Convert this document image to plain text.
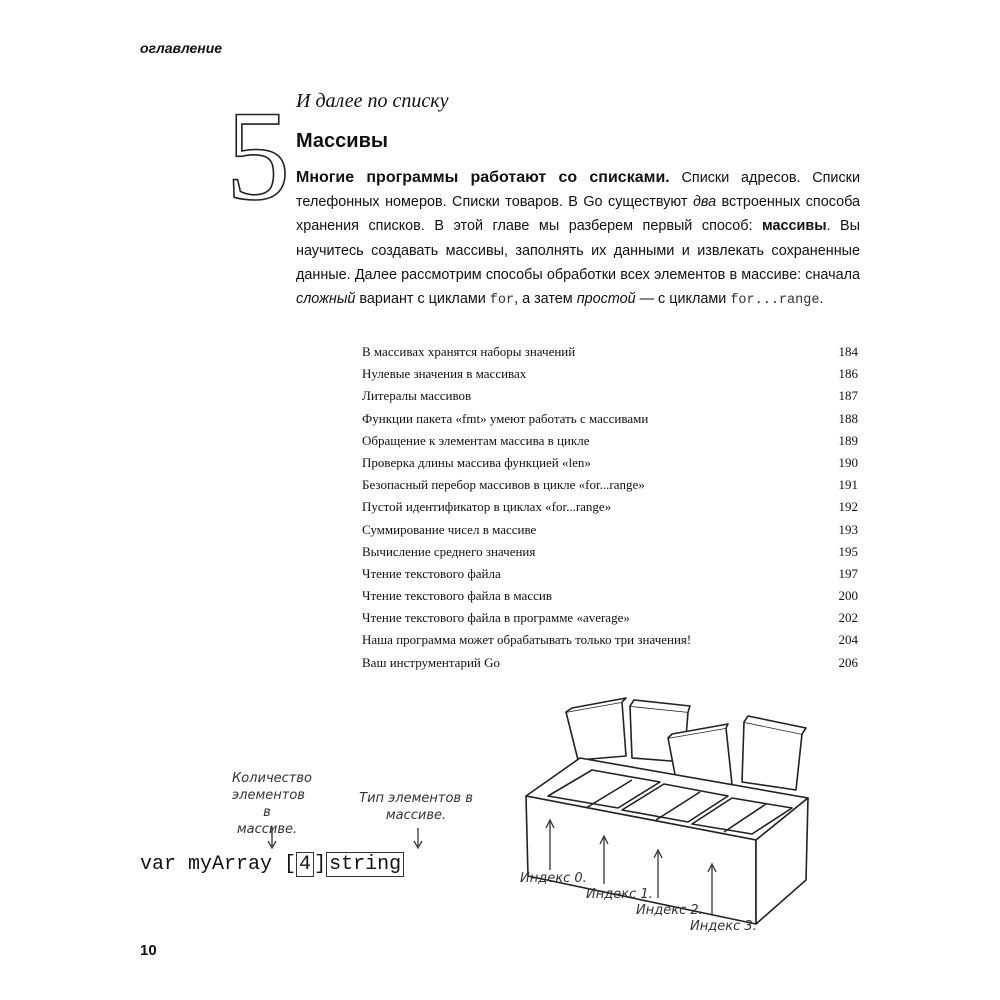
оглавление
5 И далее по списку
Массивы
Многие программы работают со списками. Списки адресов. Списки телефонных номеров. Списки товаров. В Go существуют два встроенных способа хранения списков. В этой главе мы разберем первый способ: массивы. Вы научитесь создавать массивы, заполнять их данными и извлекать сохраненные данные. Далее рассмотрим способы обработки всех элементов в массиве: сначала сложный вариант с циклами for, а затем простой — с циклами for...range.
В массивах хранятся наборы значений	184
Нулевые значения в массивах	186
Литералы массивов	187
Функции пакета «fmt» умеют работать с массивами	188
Обращение к элементам массива в цикле	189
Проверка длины массива функцией «len»	190
Безопасный перебор массивов в цикле «for...range»	191
Пустой идентификатор в циклах «for...range»	192
Суммирование чисел в массиве	193
Вычисление среднего значения	195
Чтение текстового файла	197
Чтение текстового файла в массив	200
Чтение текстового файла в программе «average»	202
Наша программа может обрабатывать только три значения!	204
Ваш инструментарий Go	206
Количество элементов в массиве.
Тип элементов в массиве.
var myArray [ 4 ] string
Индекс 0.
Индекс 1.
Индекс 2.
Индекс 3.
10
